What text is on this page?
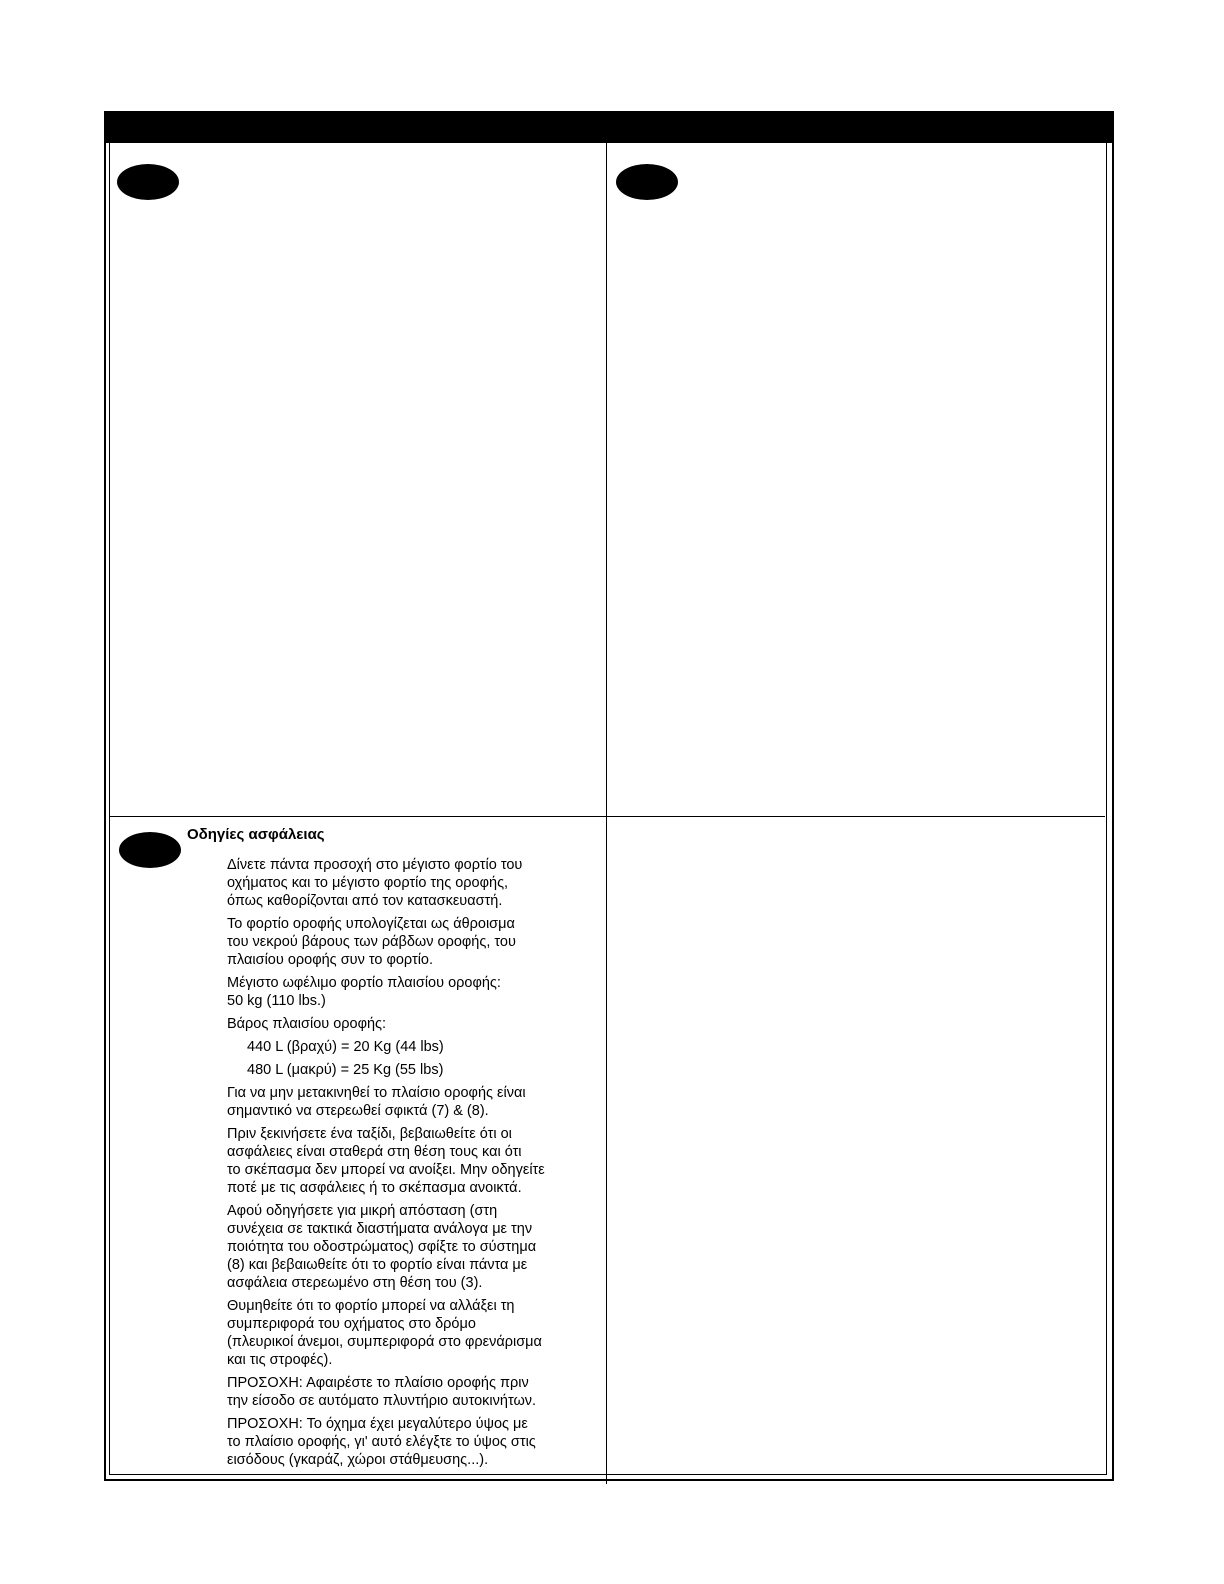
Οδηγίες ασφάλειας
Δίνετε πάντα προσοχή στο μέγιστο φορτίο του
οχήματος και το μέγιστο φορτίο της οροφής,
όπως καθορίζονται από τον κατασκευαστή.
Το φορτίο οροφής υπολογίζεται ως άθροισμα
του νεκρού βάρους των ράβδων οροφής, του
πλαισίου οροφής συν το φορτίο.
Μέγιστο ωφέλιμο φορτίο πλαισίου οροφής:
50 kg (110 lbs.)
Βάρος πλαισίου οροφής:
440 L (βραχύ) = 20 Kg (44 lbs)
480 L (μακρύ) = 25 Kg (55 lbs)
Για να μην μετακινηθεί το πλαίσιο οροφής είναι
σημαντικό να στερεωθεί σφικτά (7) & (8).
Πριν ξεκινήσετε ένα ταξίδι, βεβαιωθείτε ότι οι
ασφάλειες είναι σταθερά στη θέση τους και ότι
το σκέπασμα δεν μπορεί να ανοίξει. Μην οδηγείτε
ποτέ με τις ασφάλειες ή το σκέπασμα ανοικτά.
Αφού οδηγήσετε για μικρή απόσταση (στη
συνέχεια σε τακτικά διαστήματα ανάλογα με την
ποιότητα του οδοστρώματος) σφίξτε το σύστημα
(8) και βεβαιωθείτε ότι το φορτίο είναι πάντα με
ασφάλεια στερεωμένο στη θέση του (3).
Θυμηθείτε ότι το φορτίο μπορεί να αλλάξει τη
συμπεριφορά του οχήματος στο δρόμο
(πλευρικοί άνεμοι, συμπεριφορά στο φρενάρισμα
και τις στροφές).
ΠΡΟΣΟΧΗ: Αφαιρέστε το πλαίσιο οροφής πριν
την είσοδο σε αυτόματο πλυντήριο αυτοκινήτων.
ΠΡΟΣΟΧΗ: Το όχημα έχει μεγαλύτερο ύψος με
το πλαίσιο οροφής, γι' αυτό ελέγξτε το ύψος στις
εισόδους (γκαράζ, χώροι στάθμευσης...).
